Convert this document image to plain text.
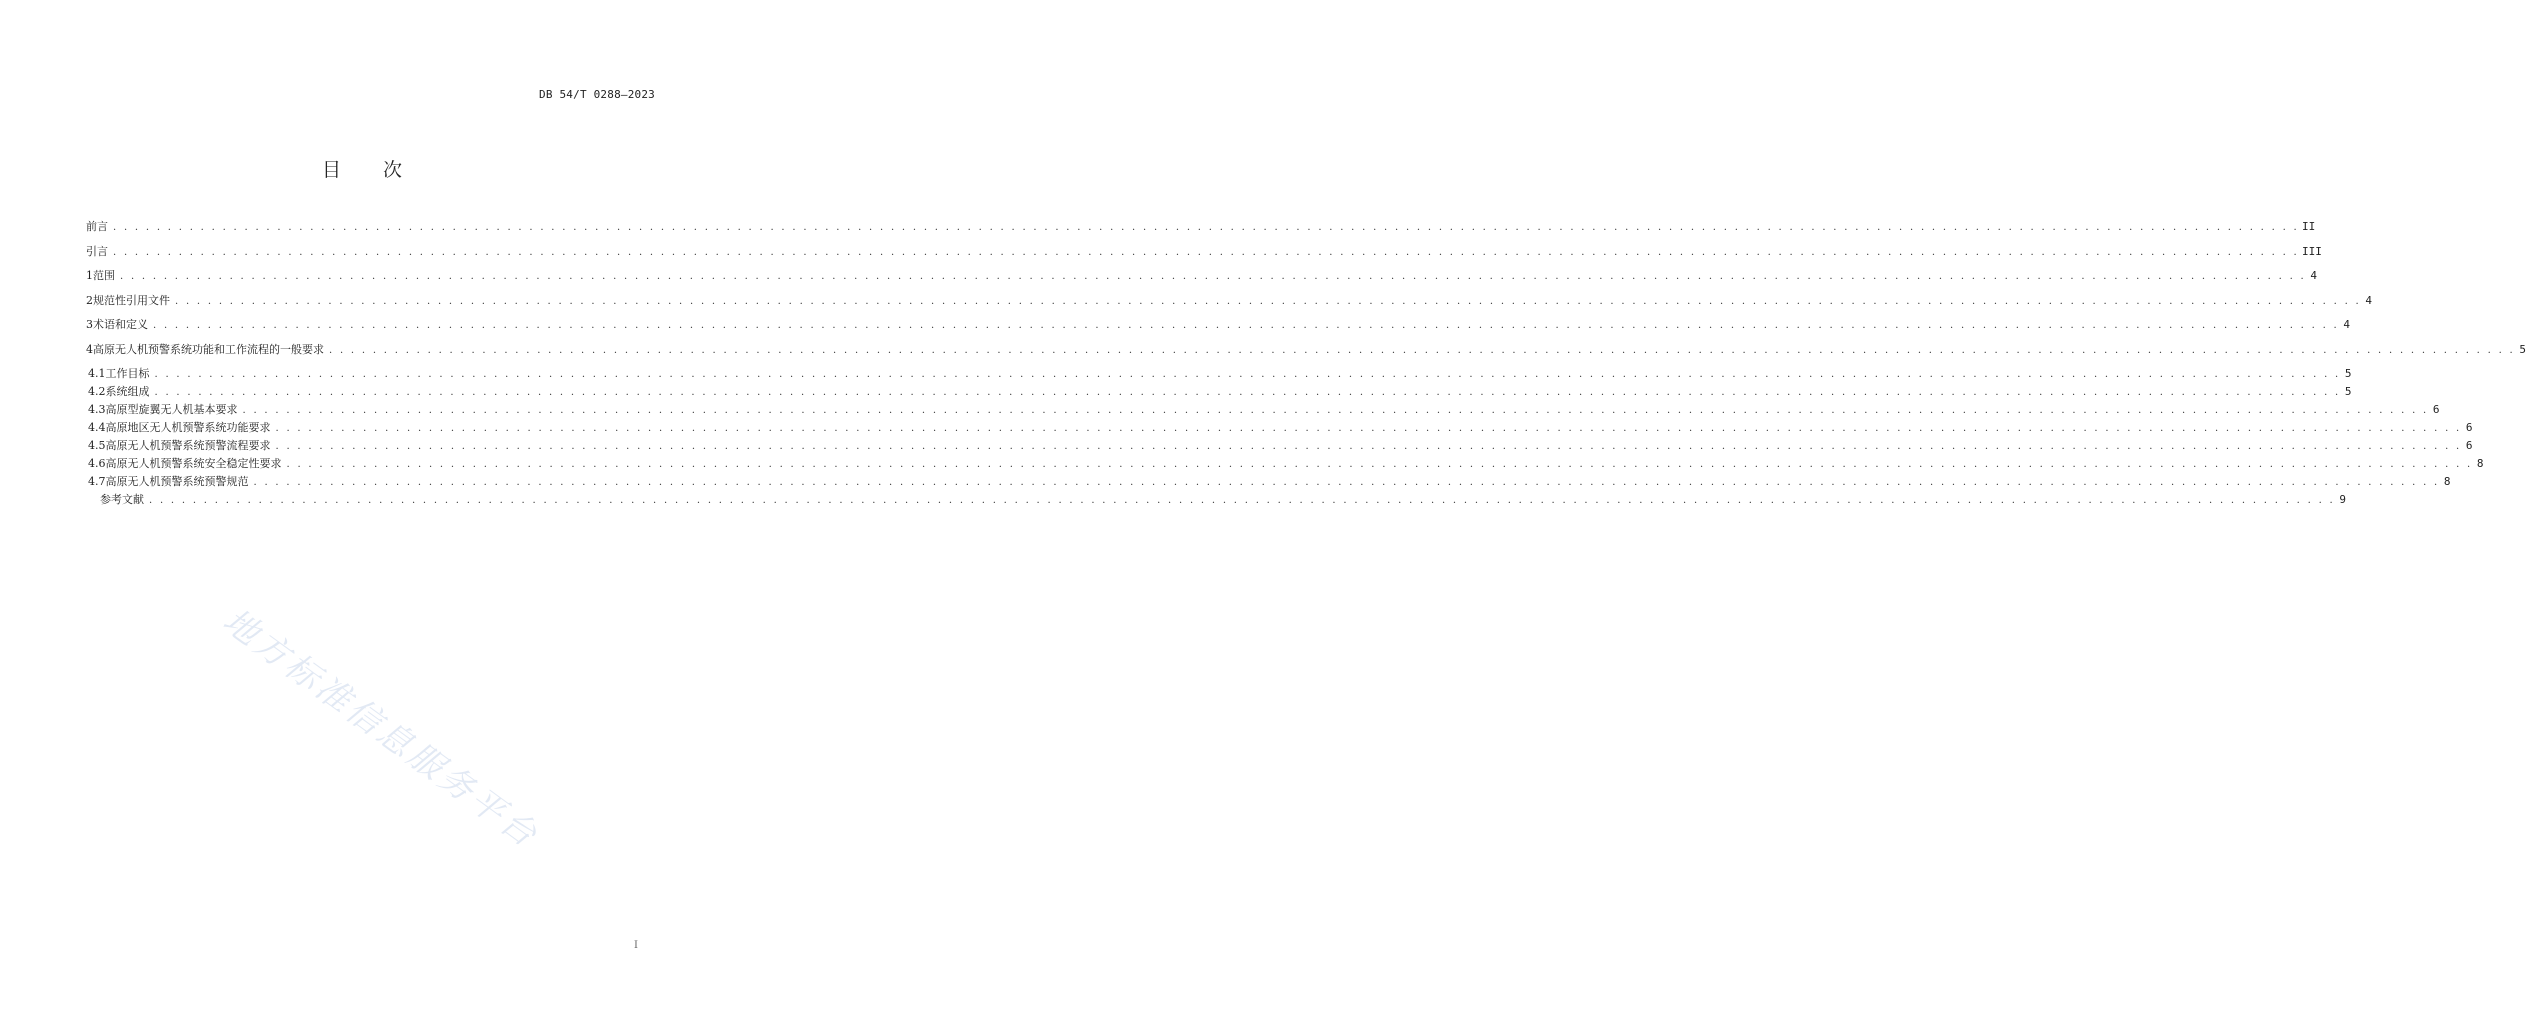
DB 54/T 0288—2023
目 次
前言 . . . . . . . . . . . . . . . . . . . . . . . . . . . . . . . . . . . . . . . . . . . . . . . . . . . . . . . . . . . . . . . . . . . . . . . . . . . . . . . . . . . . . . . . . . . . . . . . . . . . . . . . . . . . . . . . . . . . . . . . . . . . . . . . . . . . . . . . . . . . . . . . . . . . . . . . . . . . . . . . . . . . . . . . . . . . . . . . . . . . . . . . . . . . . . . . . . . . . . . . II
引言 . . . . . . . . . . . . . . . . . . . . . . . . . . . . . . . . . . . . . . . . . . . . . . . . . . . . . . . . . . . . . . . . . . . . . . . . . . . . . . . . . . . . . . . . . . . . . . . . . . . . . . . . . . . . . . . . . . . . . . . . . . . . . . . . . . . . . . . . . . . . . . . . . . . . . . . . . . . . . . . . . . . . . . . . . . . . . . . . . . . . . . . . . . . . . . . . . . . . . . . . III
1 范围 . . . . . . . . . . . . . . . . . . . . . . . . . . . . . . . . . . . . . . . . . . . . . . . . . . . . . . . . . . . . . . . . . . . . . . . . . . . . . . . . . . . . . . . . . . . . . . . . . . . . . . . . . . . . . . . . . . . . . . . . . . . . . . . . . . . . . . . . . . . . . . . . . . . . . . . . . . . . . . . . . . . . . . . . . . . . . . . . . . . . . . . . . . . . . . . . . . . . . . . . 4
2 规范性引用文件 . . . . . . . . . . . . . . . . . . . . . . . . . . . . . . . . . . . . . . . . . . . . . . . . . . . . . . . . . . . . . . . . . . . . . . . . . . . . . . . . . . . . . . . . . . . . . . . . . . . . . . . . . . . . . . . . . . . . . . . . . . . . . . . . . . . . . . . . . . . . . . . . . . . . . . . . . . . . . . . . . . . . . . . . . . . . . . . . . . . . . . . . . . . . . . . . . . . . . . . . 4
3 术语和定义 . . . . . . . . . . . . . . . . . . . . . . . . . . . . . . . . . . . . . . . . . . . . . . . . . . . . . . . . . . . . . . . . . . . . . . . . . . . . . . . . . . . . . . . . . . . . . . . . . . . . . . . . . . . . . . . . . . . . . . . . . . . . . . . . . . . . . . . . . . . . . . . . . . . . . . . . . . . . . . . . . . . . . . . . . . . . . . . . . . . . . . . . . . . . . . . . . . . . . . . . 4
4 高原无人机预警系统功能和工作流程的一般要求 . . . . . . . . . . . . . . . . . . . . . . . . . . . . . . . . . . . . . . . . . . . . . . . . . . . . . . . . . . . . . . . . . . . . . . . . . . . . . . . . . . . . . . . . . . . . . . . . . . . . . . . . . . . . . . . . . . . . . . . . . . . . . . . . . . . . . . . . . . . . . . . . . . . . . . . . . . . . . . . . . . . . . . . . . . . . . . . . . . . . . . . . . . . . . . . . . . . . . . . . 5
4.1 工作目标 . . . . . . . . . . . . . . . . . . . . . . . . . . . . . . . . . . . . . . . . . . . . . . . . . . . . . . . . . . . . . . . . . . . . . . . . . . . . . . . . . . . . . . . . . . . . . . . . . . . . . . . . . . . . . . . . . . . . . . . . . . . . . . . . . . . . . . . . . . . . . . . . . . . . . . . . . . . . . . . . . . . . . . . . . . . . . . . . . . . . . . . . . . . . . . . . . . . . . . . . 5
4.2 系统组成 . . . . . . . . . . . . . . . . . . . . . . . . . . . . . . . . . . . . . . . . . . . . . . . . . . . . . . . . . . . . . . . . . . . . . . . . . . . . . . . . . . . . . . . . . . . . . . . . . . . . . . . . . . . . . . . . . . . . . . . . . . . . . . . . . . . . . . . . . . . . . . . . . . . . . . . . . . . . . . . . . . . . . . . . . . . . . . . . . . . . . . . . . . . . . . . . . . . . . . . . 5
4.3 高原型旋翼无人机基本要求 . . . . . . . . . . . . . . . . . . . . . . . . . . . . . . . . . . . . . . . . . . . . . . . . . . . . . . . . . . . . . . . . . . . . . . . . . . . . . . . . . . . . . . . . . . . . . . . . . . . . . . . . . . . . . . . . . . . . . . . . . . . . . . . . . . . . . . . . . . . . . . . . . . . . . . . . . . . . . . . . . . . . . . . . . . . . . . . . . . . . . . . . . . . . . . . . . . . . . . . . 6
4.4 高原地区无人机预警系统功能要求 . . . . . . . . . . . . . . . . . . . . . . . . . . . . . . . . . . . . . . . . . . . . . . . . . . . . . . . . . . . . . . . . . . . . . . . . . . . . . . . . . . . . . . . . . . . . . . . . . . . . . . . . . . . . . . . . . . . . . . . . . . . . . . . . . . . . . . . . . . . . . . . . . . . . . . . . . . . . . . . . . . . . . . . . . . . . . . . . . . . . . . . . . . . . . . . . . . . . . . . . 6
4.5 高原无人机预警系统预警流程要求 . . . . . . . . . . . . . . . . . . . . . . . . . . . . . . . . . . . . . . . . . . . . . . . . . . . . . . . . . . . . . . . . . . . . . . . . . . . . . . . . . . . . . . . . . . . . . . . . . . . . . . . . . . . . . . . . . . . . . . . . . . . . . . . . . . . . . . . . . . . . . . . . . . . . . . . . . . . . . . . . . . . . . . . . . . . . . . . . . . . . . . . . . . . . . . . . . . . . . . . . 6
4.6 高原无人机预警系统安全稳定性要求 . . . . . . . . . . . . . . . . . . . . . . . . . . . . . . . . . . . . . . . . . . . . . . . . . . . . . . . . . . . . . . . . . . . . . . . . . . . . . . . . . . . . . . . . . . . . . . . . . . . . . . . . . . . . . . . . . . . . . . . . . . . . . . . . . . . . . . . . . . . . . . . . . . . . . . . . . . . . . . . . . . . . . . . . . . . . . . . . . . . . . . . . . . . . . . . . . . . . . . . . 8
4.7 高原无人机预警系统预警规范 . . . . . . . . . . . . . . . . . . . . . . . . . . . . . . . . . . . . . . . . . . . . . . . . . . . . . . . . . . . . . . . . . . . . . . . . . . . . . . . . . . . . . . . . . . . . . . . . . . . . . . . . . . . . . . . . . . . . . . . . . . . . . . . . . . . . . . . . . . . . . . . . . . . . . . . . . . . . . . . . . . . . . . . . . . . . . . . . . . . . . . . . . . . . . . . . . . . . . . . . 8
参考文献 . . . . . . . . . . . . . . . . . . . . . . . . . . . . . . . . . . . . . . . . . . . . . . . . . . . . . . . . . . . . . . . . . . . . . . . . . . . . . . . . . . . . . . . . . . . . . . . . . . . . . . . . . . . . . . . . . . . . . . . . . . . . . . . . . . . . . . . . . . . . . . . . . . . . . . . . . . . . . . . . . . . . . . . . . . . . . . . . . . . . . . . . . . . . . . . . . . . . . . . . 9
地方标准信息服务平台
I
